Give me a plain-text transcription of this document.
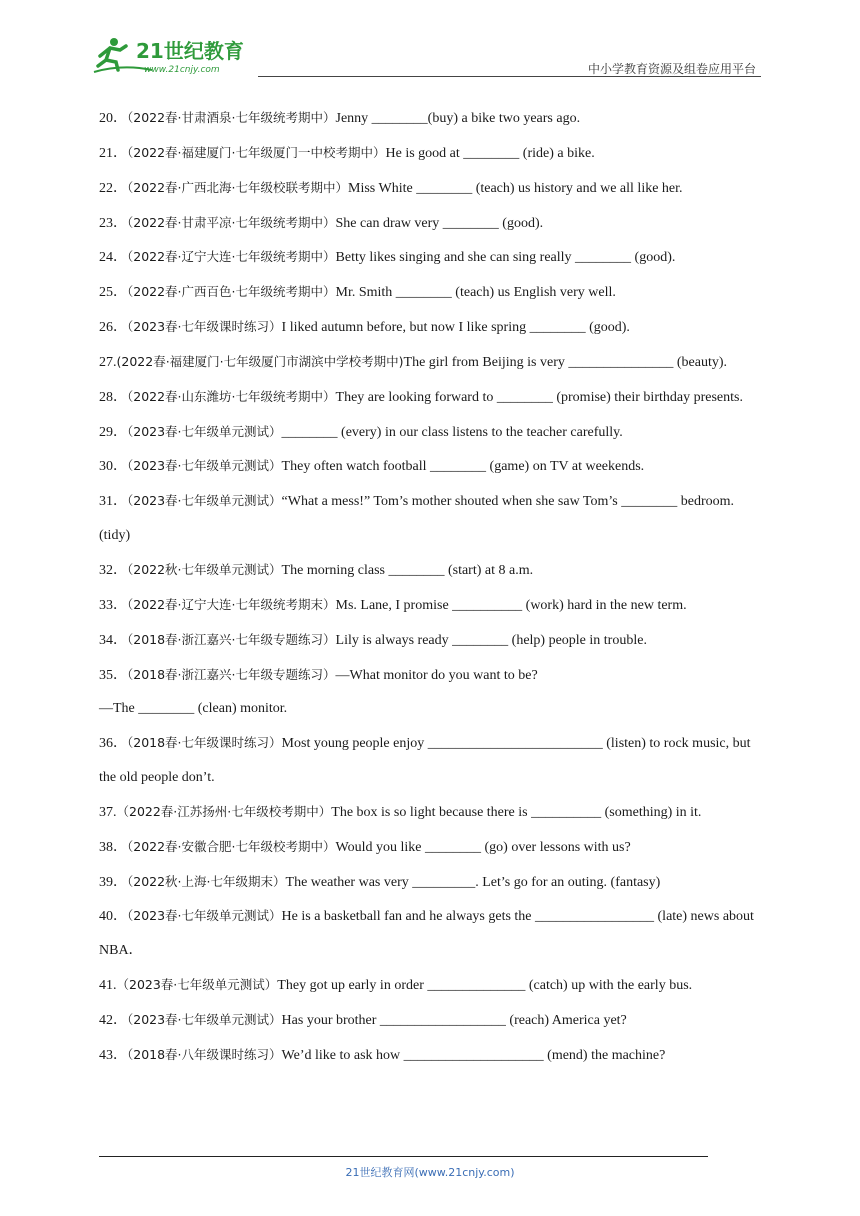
21世纪教育
www.21cnjy.com	中小学教育资源及组卷应用平台

20．（2022春·甘肃酒泉·七年级统考期中）Jenny ________(buy) a bike two years ago.

21．（2022春·福建厦门·七年级厦门一中校考期中）He is good at ________ (ride) a bike.

22．（2022春·广西北海·七年级校联考期中）Miss White ________ (teach) us history and we all like her.

23．（2022春·甘肃平凉·七年级统考期中）She can draw very ________ (good).

24．（2022春·辽宁大连·七年级统考期中）Betty likes singing and she can sing really ________ (good).

25．（2022春·广西百色·七年级统考期中）Mr. Smith ________ (teach) us English very well.

26．（2023春·七年级课时练习）I liked autumn before, but now I like spring ________ (good).

27.(2022春·福建厦门·七年级厦门市湖滨中学校考期中)The girl from Beijing is very _______________ (beauty).

28．（2022春·山东潍坊·七年级统考期中）They are looking forward to ________ (promise) their birthday presents.

29．（2023春·七年级单元测试）________ (every) in our class listens to the teacher carefully.

30．（2023春·七年级单元测试）They often watch football ________ (game) on TV at weekends.

31．（2023春·七年级单元测试）“What a mess!” Tom’s mother shouted when she saw Tom’s ________ bedroom. (tidy)

32．（2022秋·七年级单元测试）The morning class ________ (start) at 8 a.m.

33．（2022春·辽宁大连·七年级统考期末）Ms. Lane, I promise __________ (work) hard in the new term.

34．（2018春·浙江嘉兴·七年级专题练习）Lily is always ready ________ (help) people in trouble.

35．（2018春·浙江嘉兴·七年级专题练习）—What monitor do you want to be?

—The ________ (clean) monitor.

36．（2018春·七年级课时练习）Most young people enjoy _________________________ (listen) to rock music, but the old people don’t.

37.（2022春·江苏扬州·七年级校考期中）The box is so light because there is __________ (something) in it.

38．（2022春·安徽合肥·七年级校考期中）Would you like ________ (go) over lessons with us?

39．（2022秋·上海·七年级期末）The weather was very _________. Let’s go for an outing. (fantasy)

40．（2023春·七年级单元测试）He is a basketball fan and he always gets the _________________ (late) news about NBA．

41.（2023春·七年级单元测试）They got up early in order ______________ (catch) up with the early bus.

42．（2023春·七年级单元测试）Has your brother __________________ (reach) America yet?

43．（2018春·八年级课时练习）We’d like to ask how ____________________ (mend) the machine?

21世纪教育网(www.21cnjy.com)
